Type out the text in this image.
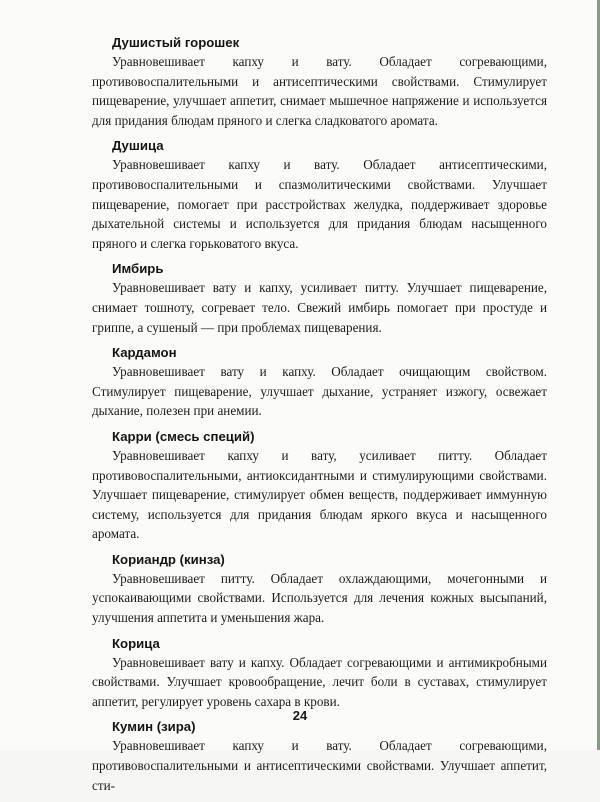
Душистый горошек

Уравновешивает капху и вату. Обладает согревающими, противовоспалительными и антисептическими свойствами. Стимулирует пищеварение, улучшает аппетит, снимает мышечное напряжение и используется для придания блюдам пряного и слегка сладковатого аромата.

Душица

Уравновешивает капху и вату. Обладает антисептическими, противовоспалительными и спазмолитическими свойствами. Улучшает пищеварение, помогает при расстройствах желудка, поддерживает здоровье дыхательной системы и используется для придания блюдам насыщенного пряного и слегка горьковатого вкуса.

Имбирь

Уравновешивает вату и капху, усиливает питту. Улучшает пищеварение, снимает тошноту, согревает тело. Свежий имбирь помогает при простуде и гриппе, а сушеный — при проблемах пищеварения.

Кардамон

Уравновешивает вату и капху. Обладает очищающим свойством. Стимулирует пищеварение, улучшает дыхание, устраняет изжогу, освежает дыхание, полезен при анемии.

Карри (смесь специй)

Уравновешивает капху и вату, усиливает питту. Обладает противовоспалительными, антиоксидантными и стимулирующими свойствами. Улучшает пищеварение, стимулирует обмен веществ, поддерживает иммунную систему, используется для придания блюдам яркого вкуса и насыщенного аромата.

Кориандр (кинза)

Уравновешивает питту. Обладает охлаждающими, мочегонными и успокаивающими свойствами. Используется для лечения кожных высыпаний, улучшения аппетита и уменьшения жара.

Корица

Уравновешивает вату и капху. Обладает согревающими и антимикробными свойствами. Улучшает кровообращение, лечит боли в суставах, стимулирует аппетит, регулирует уровень сахара в крови.

Кумин (зира)

Уравновешивает капху и вату. Обладает согревающими, противовоспалительными и антисептическими свойствами. Улучшает аппетит, сти-

24
